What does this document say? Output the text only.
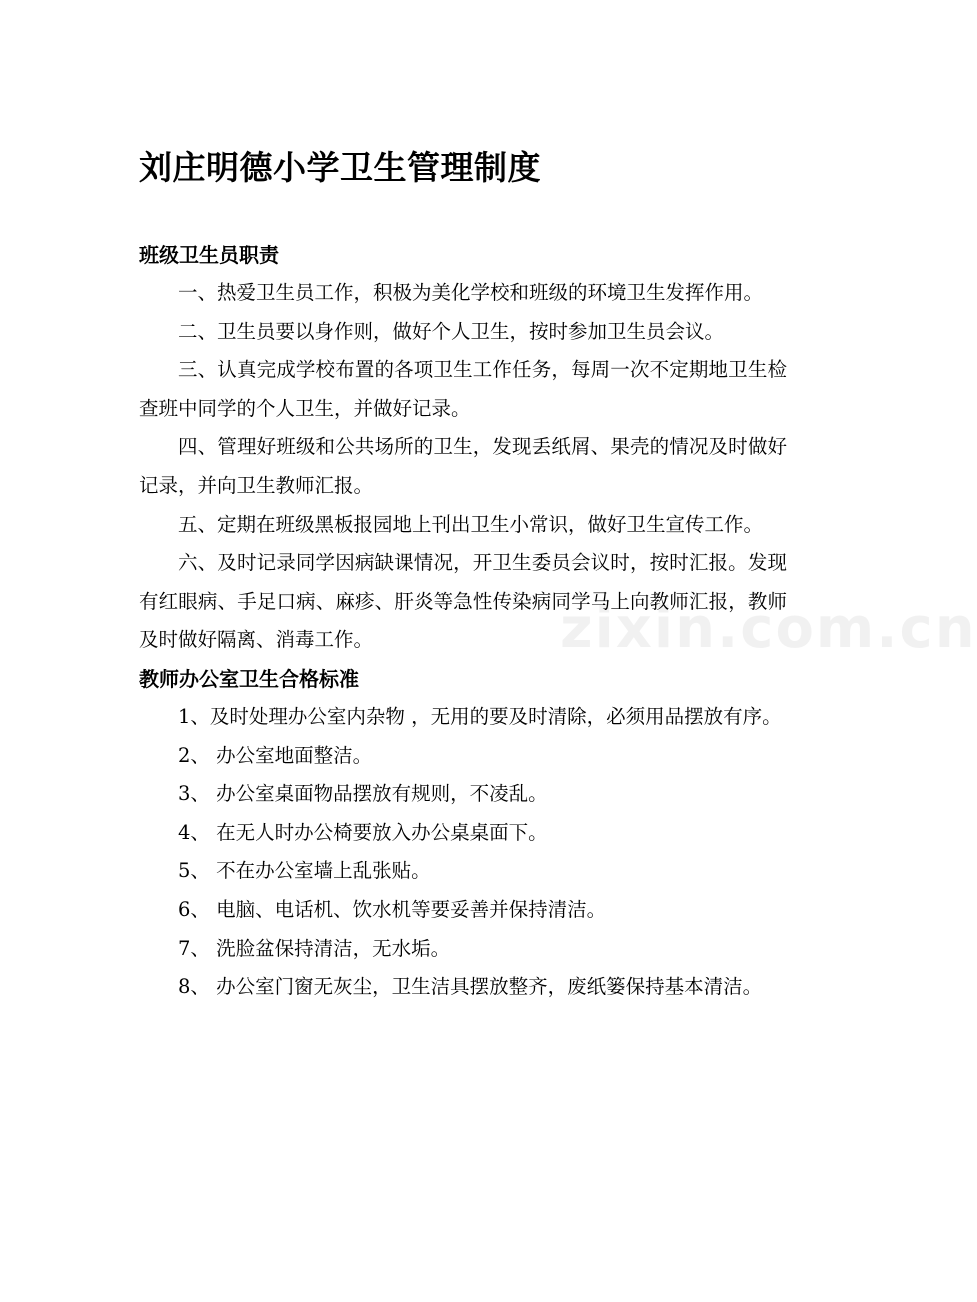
zixin.com.cn
刘庄明德小学卫生管理制度
班级卫生员职责

一、热爱卫生员工作，积极为美化学校和班级的环境卫生发挥作用。

二、卫生员要以身作则，做好个人卫生，按时参加卫生员会议。

三、认真完成学校布置的各项卫生工作任务，每周一次不定期地卫生检查班中同学的个人卫生，并做好记录。

四、管理好班级和公共场所的卫生，发现丢纸屑、果壳的情况及时做好记录，并向卫生教师汇报。

五、定期在班级黑板报园地上刊出卫生小常识，做好卫生宣传工作。

六、及时记录同学因病缺课情况，开卫生委员会议时，按时汇报。发现有红眼病、手足口病、麻疹、肝炎等急性传染病同学马上向教师汇报，教师及时做好隔离、消毒工作。

教师办公室卫生合格标准

1、及时处理办公室内杂物 ，无用的要及时清除，必须用品摆放有序。

2、 办公室地面整洁。

3、 办公室桌面物品摆放有规则，不凌乱。

4、 在无人时办公椅要放入办公桌桌面下。

5、 不在办公室墙上乱张贴。

6、 电脑、电话机、饮水机等要妥善并保持清洁。

7、 洗脸盆保持清洁，无水垢。

8、 办公室门窗无灰尘，卫生洁具摆放整齐，废纸篓保持基本清洁。
